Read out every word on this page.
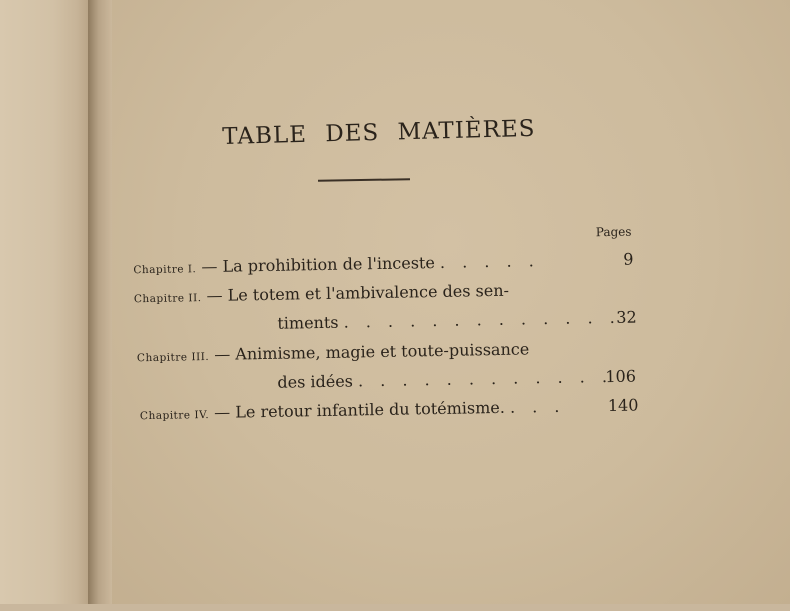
TABLE DES MATIÈRES
Pages
Chapitre I. — La prohibition de l'inceste . . . . .	9
Chapitre II. — Le totem et l'ambivalence des sen-
timents . . . . . . . . . . . . .
32
Chapitre III. — Animisme, magie et toute-puissance
des idées . . . . . . . . . . . .
106
Chapitre IV. — Le retour infantile du totémisme. . . .	140
